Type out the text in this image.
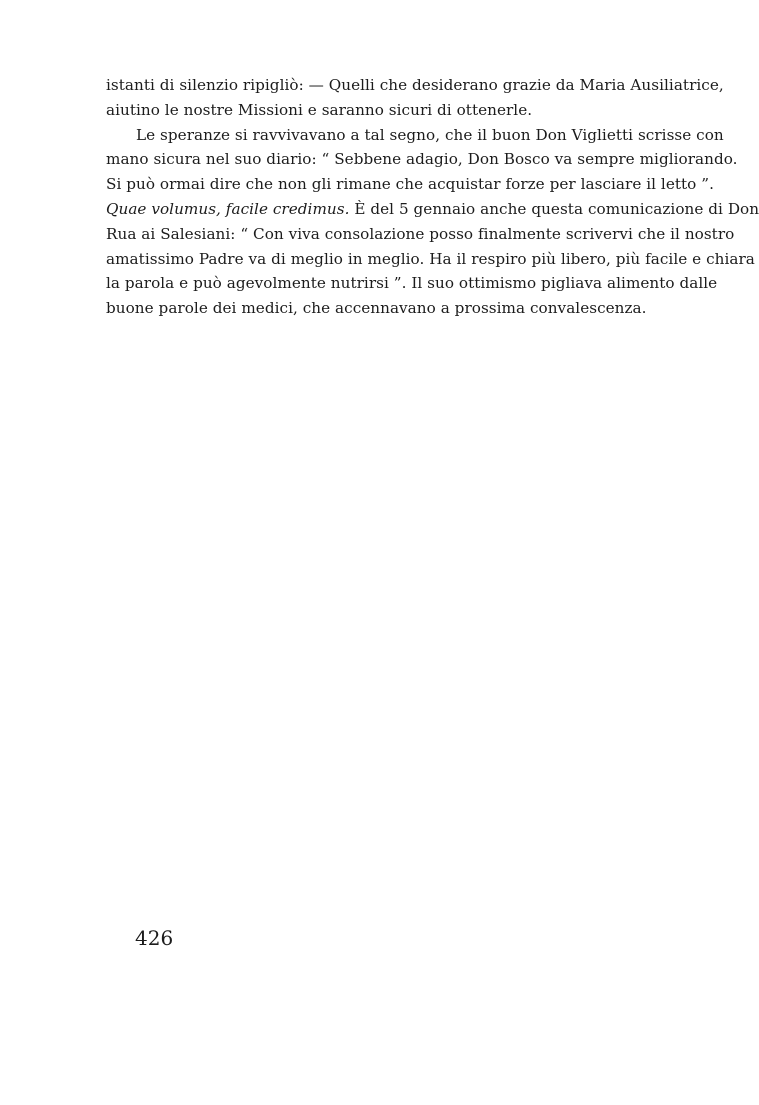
istanti di silenzio ripigliò: — Quelli che desiderano grazie da Maria Ausiliatrice,
aiutino le nostre Missioni e saranno sicuri di ottenerle.
Le speranze si ravvivavano a tal segno, che il buon Don Viglietti scrisse con
mano sicura nel suo diario: “ Sebbene adagio, Don Bosco va sempre migliorando.
Si può ormai dire che non gli rimane che acquistar forze per lasciare il letto ”.
Quae volumus, facile credimus. È del 5 gennaio anche questa comunicazione di Don
Rua ai Salesiani: “ Con viva consolazione posso finalmente scrivervi che il nostro
amatissimo Padre va di meglio in meglio. Ha il respiro più libero, più facile e chiara
la parola e può agevolmente nutrirsi ”. Il suo ottimismo pigliava alimento dalle
buone parole dei medici, che accennavano a prossima convalescenza.
426
